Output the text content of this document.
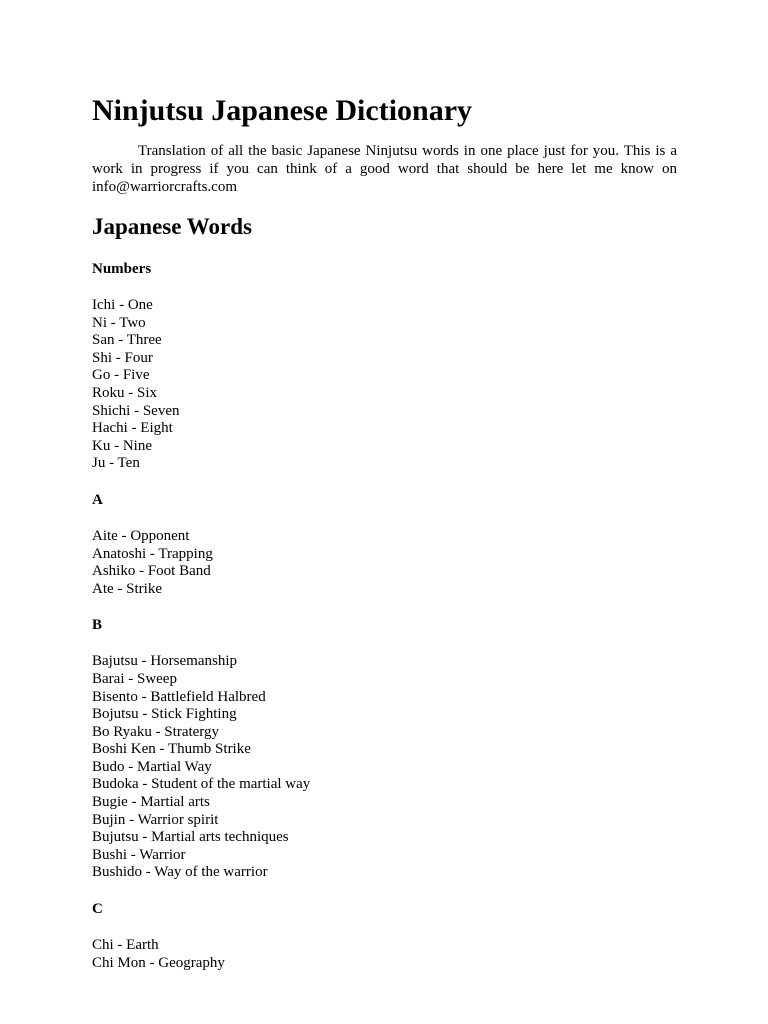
Ninjutsu Japanese Dictionary

Translation of all the basic Japanese Ninjutsu words in one place just for you. This is a work in progress if you can think of a good word that should be here let me know on info@warriorcrafts.com

Japanese Words
Numbers
Ichi - One
Ni - Two
San - Three
Shi - Four
Go - Five
Roku - Six
Shichi - Seven
Hachi - Eight
Ku - Nine
Ju - Ten
A
Aite - Opponent
Anatoshi - Trapping
Ashiko - Foot Band
Ate - Strike
B
Bajutsu - Horsemanship
Barai - Sweep
Bisento - Battlefield Halbred
Bojutsu - Stick Fighting
Bo Ryaku - Stratergy
Boshi Ken - Thumb Strike
Budo - Martial Way
Budoka - Student of the martial way
Bugie - Martial arts
Bujin - Warrior spirit
Bujutsu - Martial arts techniques
Bushi - Warrior
Bushido - Way of the warrior
C
Chi - Earth
Chi Mon - Geography
